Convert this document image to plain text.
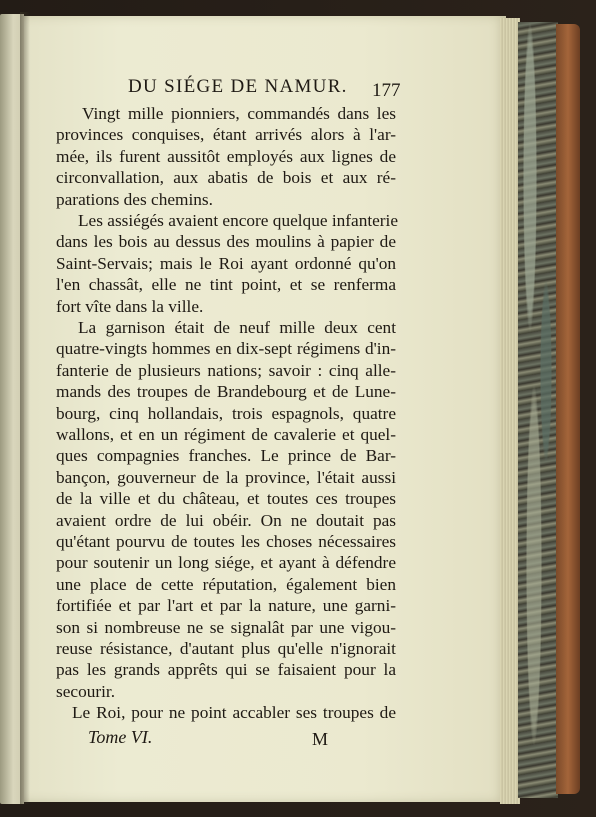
DU SIÉGE DE NAMUR. 177
Vingt mille pionniers, commandés dans les
provinces conquises, étant arrivés alors à l'ar-
mée, ils furent aussitôt employés aux lignes de
circonvallation, aux abatis de bois et aux ré-
parations des chemins.
Les assiégés avaient encore quelque infanterie
dans les bois au dessus des moulins à papier de
Saint-Servais; mais le Roi ayant ordonné qu'on
l'en chassât, elle ne tint point, et se renferma
fort vîte dans la ville.
La garnison était de neuf mille deux cent
quatre-vingts hommes en dix-sept régimens d'in-
fanterie de plusieurs nations; savoir : cinq alle-
mands des troupes de Brandebourg et de Lune-
bourg, cinq hollandais, trois espagnols, quatre
wallons, et en un régiment de cavalerie et quel-
ques compagnies franches. Le prince de Bar-
bançon, gouverneur de la province, l'était aussi
de la ville et du château, et toutes ces troupes
avaient ordre de lui obéir. On ne doutait pas
qu'étant pourvu de toutes les choses nécessaires
pour soutenir un long siége, et ayant à défendre
une place de cette réputation, également bien
fortifiée et par l'art et par la nature, une garni-
son si nombreuse ne se signalât par une vigou-
reuse résistance, d'autant plus qu'elle n'ignorait
pas les grands apprêts qui se faisaient pour la
secourir.
Le Roi, pour ne point accabler ses troupes de
Tome VI.	M
